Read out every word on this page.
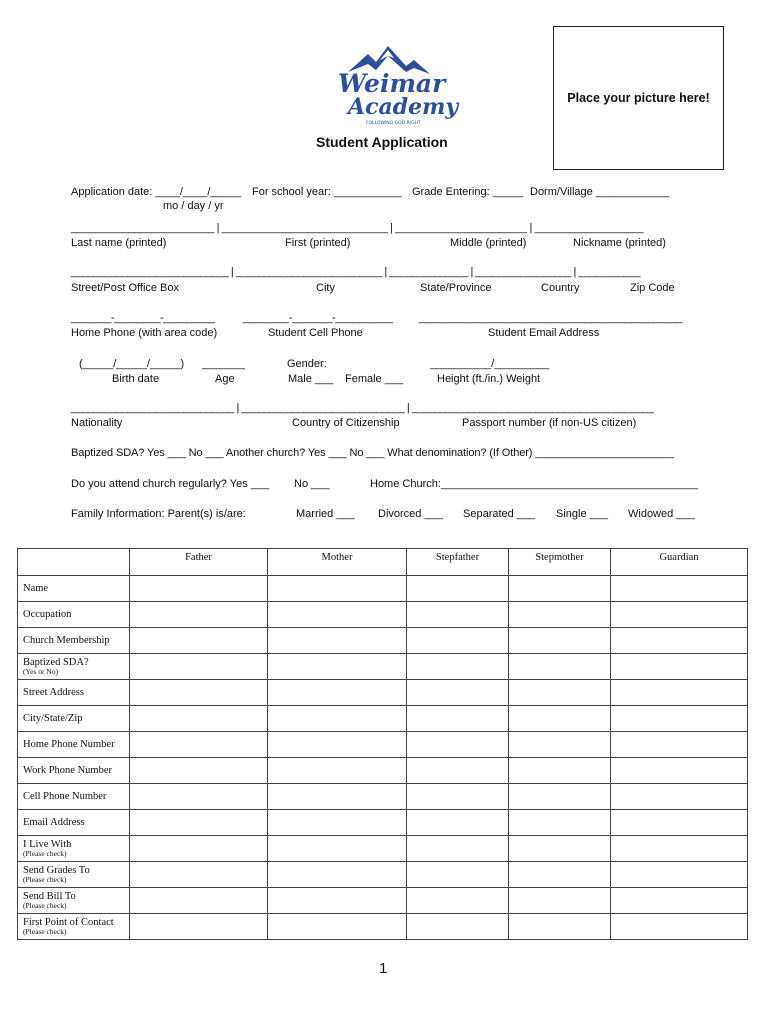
Weimar
Academy
FOLLOWING GOD RIGHT
Place your picture here!
Student Application
Application date: ____/____/_____
mo / day / yr
For school year: ___________ Grade Entering: _____ Dorm/Village ____________
_________________________ | _____________________________ | _______________________ | ___________________
Last name (printed)	First (printed)	Middle (printed)	Nickname (printed)
____________________________ | __________________________ | ______________ | _________________ | ___________
Street/Post Office Box	City	State/Province	Country	Zip Code
_______-________-_________	________-_______-__________ ______________________________________________
Home Phone (with area code)	Student Cell Phone	Student Email Address
(_____/_____/_____) _______	Gender:	__________/_________
Birth date	Age	Male ___ Female ___	Height (ft./in.) Weight
_____________________________ | _____________________________ | ___________________________________________
Nationality	Country of Citizenship	Passport number (if non-US citizen)
Baptized SDA? Yes ___ No ___ Another church? Yes ___ No ___ What denomination? (If Other) _______________________
Do you attend church regularly? Yes ___ No ___	Home Church:__________________________________________
Family Information: Parent(s) is/are:	Married ___ Divorced ___ Separated ___ Single ___ Widowed ___
	Father	Mother	Stepfather	Stepmother	Guardian
Name					
Occupation					
Church Membership					
Baptized SDA?
(Yes or No)					

Street Address					
City/State/Zip					
Home Phone Number					
Work Phone Number					
Cell Phone Number					
Email Address					
I Live With
(Please check)					

Send Grades To
(Please check)					

Send Bill To
(Please check)					

First Point of Contact
(Please check)					

1
